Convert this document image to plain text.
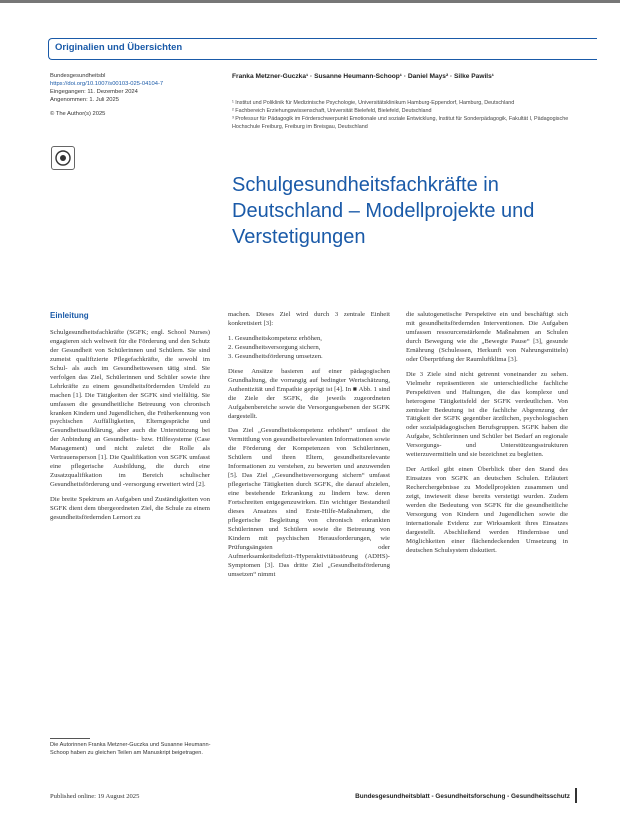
Originalien und Übersichten
Bundesgesundheitsbl
https://doi.org/10.1007/s00103-025-04104-7
Eingegangen: 11. Dezember 2024
Angenommen: 1. Juli 2025
© The Author(s) 2025
Franka Metzner-Guczka¹ · Susanne Heumann-Schoop¹ · Daniel Mays² · Silke Pawils¹
¹ Institut und Poliklinik für Medizinische Psychologie, Universitätsklinikum Hamburg-Eppendorf, Hamburg, Deutschland
² Fachbereich Erziehungswissenschaft, Universität Bielefeld, Bielefeld, Deutschland
³ Professur für Pädagogik im Förderschwerpunkt Emotionale und soziale Entwicklung, Institut für Sonderpädagogik, Fakultät I, Pädagogische Hochschule Freiburg, Freiburg im Breisgau, Deutschland
Schulgesundheitsfachkräfte in Deutschland – Modellprojekte und Verstetigungen
Einleitung

Schulgesundheitsfachkräfte (SGFK; engl. School Nurses) engagieren sich weltweit für die Förderung und den Schutz der Gesundheit von Schülerinnen und Schülern. Sie sind zumeist qualifizierte Pflegefachkräfte, die sowohl im Schul- als auch im Gesundheitswesen tätig sind. Sie verfolgen das Ziel, Schülerinnen und Schüler sowie ihre Lehrkräfte zu einem gesundheitsfördernden Umfeld zu machen [1]. Die Tätigkeiten der SGFK sind vielfältig. Sie umfassen die gesundheitliche Betreuung von chronisch kranken Kindern und Jugendlichen, die Früherkennung von psychischen Auffälligkeiten, Elterngespräche und Gesundheitsaufklärung, aber auch die Unterstützung bei der Anbindung an Gesundheits- bzw. Hilfesysteme (Case Management) und nicht zuletzt die Rolle als Vertrauensperson [1]. Die Qualifikation von SGFK umfasst eine pflegerische Ausbildung, die durch eine Zusatzqualifikation im Bereich schulischer Gesundheitsförderung und -versorgung erweitert wird [2].

Die breite Spektrum an Aufgaben und Zuständigkeiten von SGFK dient dem übergeordneten Ziel, die Schule zu einem gesundheitsfördernden Lernort zu

machen. Dieses Ziel wird durch 3 zentrale Einheit konkretisiert [3]:

1. Gesundheitskompetenz erhöhen,
2. Gesundheitsversorgung sichern,
3. Gesundheitsförderung umsetzen.

Diese Ansätze basieren auf einer pädagogischen Grundhaltung, die vorrangig auf bedingter Wertschätzung, Authentizität und Empathie geprägt ist [4]. In ■ Abb. 1 sind die Ziele der SGFK, die jeweils zugeordneten Aufgabenbereiche sowie die Versorgungsebenen der SGFK dargestellt.

Das Ziel „Gesundheitskompetenz erhöhen“ umfasst die Vermittlung von gesundheitsrelevanten Informationen sowie die Förderung der Kompetenzen von Schülerinnen, Schülern und ihren Eltern, gesundheitsrelevante Informationen zu verstehen, zu bewerten und anzuwenden [5]. Das Ziel „Gesundheitsversorgung sichern“ umfasst pflegerische Tätigkeiten durch SGFK, die darauf abzielen, eine bestehende Erkrankung zu lindern bzw. deren Fortschreiten entgegenzuwirken. Ein wichtiger Bestandteil dieses Ansatzes sind Erste-Hilfe-Maßnahmen, die pflegerische Begleitung von chronisch erkrankten Schülerinnen und Schülern sowie die Betreuung von Kindern mit psychischen Herausforderungen, wie Prüfungsängsten oder Aufmerksamkeitsdefizit-/Hyperaktivitätsstörung (ADHS)-Symptomen [3]. Das dritte Ziel „Gesundheitsförderung umsetzen“ nimmt

die salutogenetische Perspektive ein und beschäftigt sich mit gesundheitsfördernden Interventionen. Die Aufgaben umfassen ressourcenstärkende Maßnahmen an Schulen durch Bewegung wie die „Bewegte Pause“ [3], gesunde Ernährung (Schulessen, Herkunft von Nahrungsmitteln) oder Überprüfung der Raumluftklima [3].

Die 3 Ziele sind nicht getrennt voneinander zu sehen. Vielmehr repräsentieren sie unterschiedliche fachliche Perspektiven und Haltungen, die das komplexe und heterogene Tätigkeitsfeld der SGFK verdeutlichen. Von zentraler Bedeutung ist die fachliche Abgrenzung der Tätigkeit der SGFK gegenüber ärztlichen, psychologischen oder sozialpädagogischen Berufsgruppen. SGFK haben die Aufgabe, Schülerinnen und Schüler bei Bedarf an regionale Versorgungs- und Unterstützungsstrukturen weiterzuvermitteln und sie bezeichnet zu begleiten.

Der Artikel gibt einen Überblick über den Stand des Einsatzes von SGFK an deutschen Schulen. Erläutert Recherchergebnisse zu Modellprojekten zusammen und zeigt, inwieweit diese bereits verstetigt wurden. Zudem werden die Bedeutung von SGFK für die gesundheitliche Versorgung von Kindern und Jugendlichen sowie die internationale Evidenz zur Wirksamkeit ihres Einsatzes dargestellt. Abschließend werden Hindernisse und Möglichkeiten einer flächendeckenden Umsetzung in deutschen Schulsystem diskutiert.

Die Autorinnen Franka Metzner-Guczka und Susanne Heumann-Schoop haben zu gleichen Teilen am Manuskript beigetragen.
Published online: 19 August 2025	Bundesgesundheitsblatt - Gesundheitsforschung - Gesundheitsschutz
